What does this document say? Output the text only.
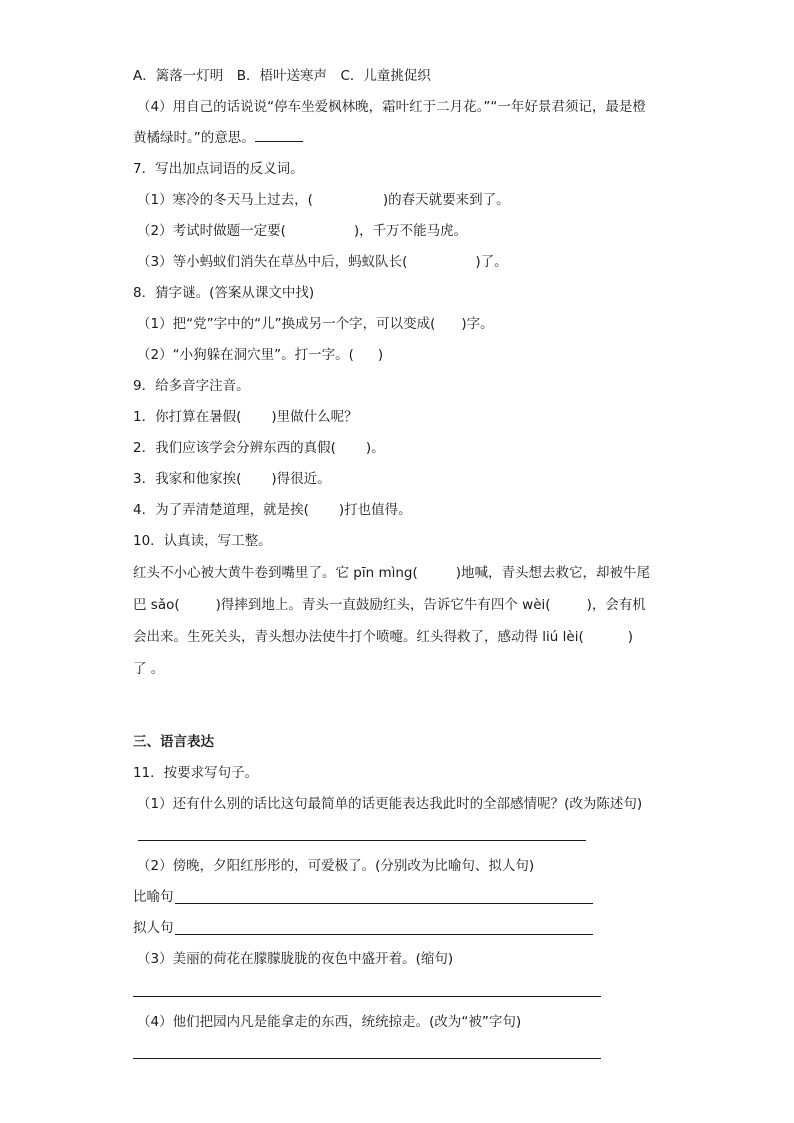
A．篱落一灯明　B．梧叶送寒声　C．儿童挑促织
（4）用自己的话说说“停车坐爱枫林晚，霜叶红于二月花。”“一年好景君须记，最是橙
黄橘绿时。”的意思。
7．写出加点词语的反义词。
（1）寒冷的冬天马上过去，(	)的春天就要来到了。
（2）考试时做题一定要(	)，千万不能马虎。
（3）等小蚂蚁们消失在草丛中后，蚂蚁队长(	)了。
8．猜字谜。(答案从课文中找)
（1）把“党”字中的“儿”换成另一个字，可以变成( )字。
（2）“小狗躲在洞穴里”。打一字。( )
9．给多音字注音。
1．你打算在暑假( )里做什么呢？
2．我们应该学会分辨东西的真假( )。
3．我家和他家挨( )得很近。
4．为了弄清楚道理，就是挨( )打也值得。
10．认真读，写工整。
红头不小心被大黄牛卷到嘴里了。它 pīn mìng(	)地喊，青头想去救它，却被牛尾
巴 sǎo(	)得摔到地上。青头一直鼓励红头，告诉它牛有四个 wèi(	)，会有机
会出来。生死关头，青头想办法使牛打个喷嚏。红头得救了，感动得 liú lèi(	)
了 。
三、语言表达
11．按要求写句子。
（1）还有什么别的话比这句最简单的话更能表达我此时的全部感情呢？(改为陈述句)
（2）傍晚，夕阳红彤彤的，可爱极了。(分别改为比喻句、拟人句)
比喻句
拟人句
（3）美丽的荷花在朦朦胧胧的夜色中盛开着。(缩句)
（4）他们把园内凡是能拿走的东西，统统掠走。(改为“被”字句)
